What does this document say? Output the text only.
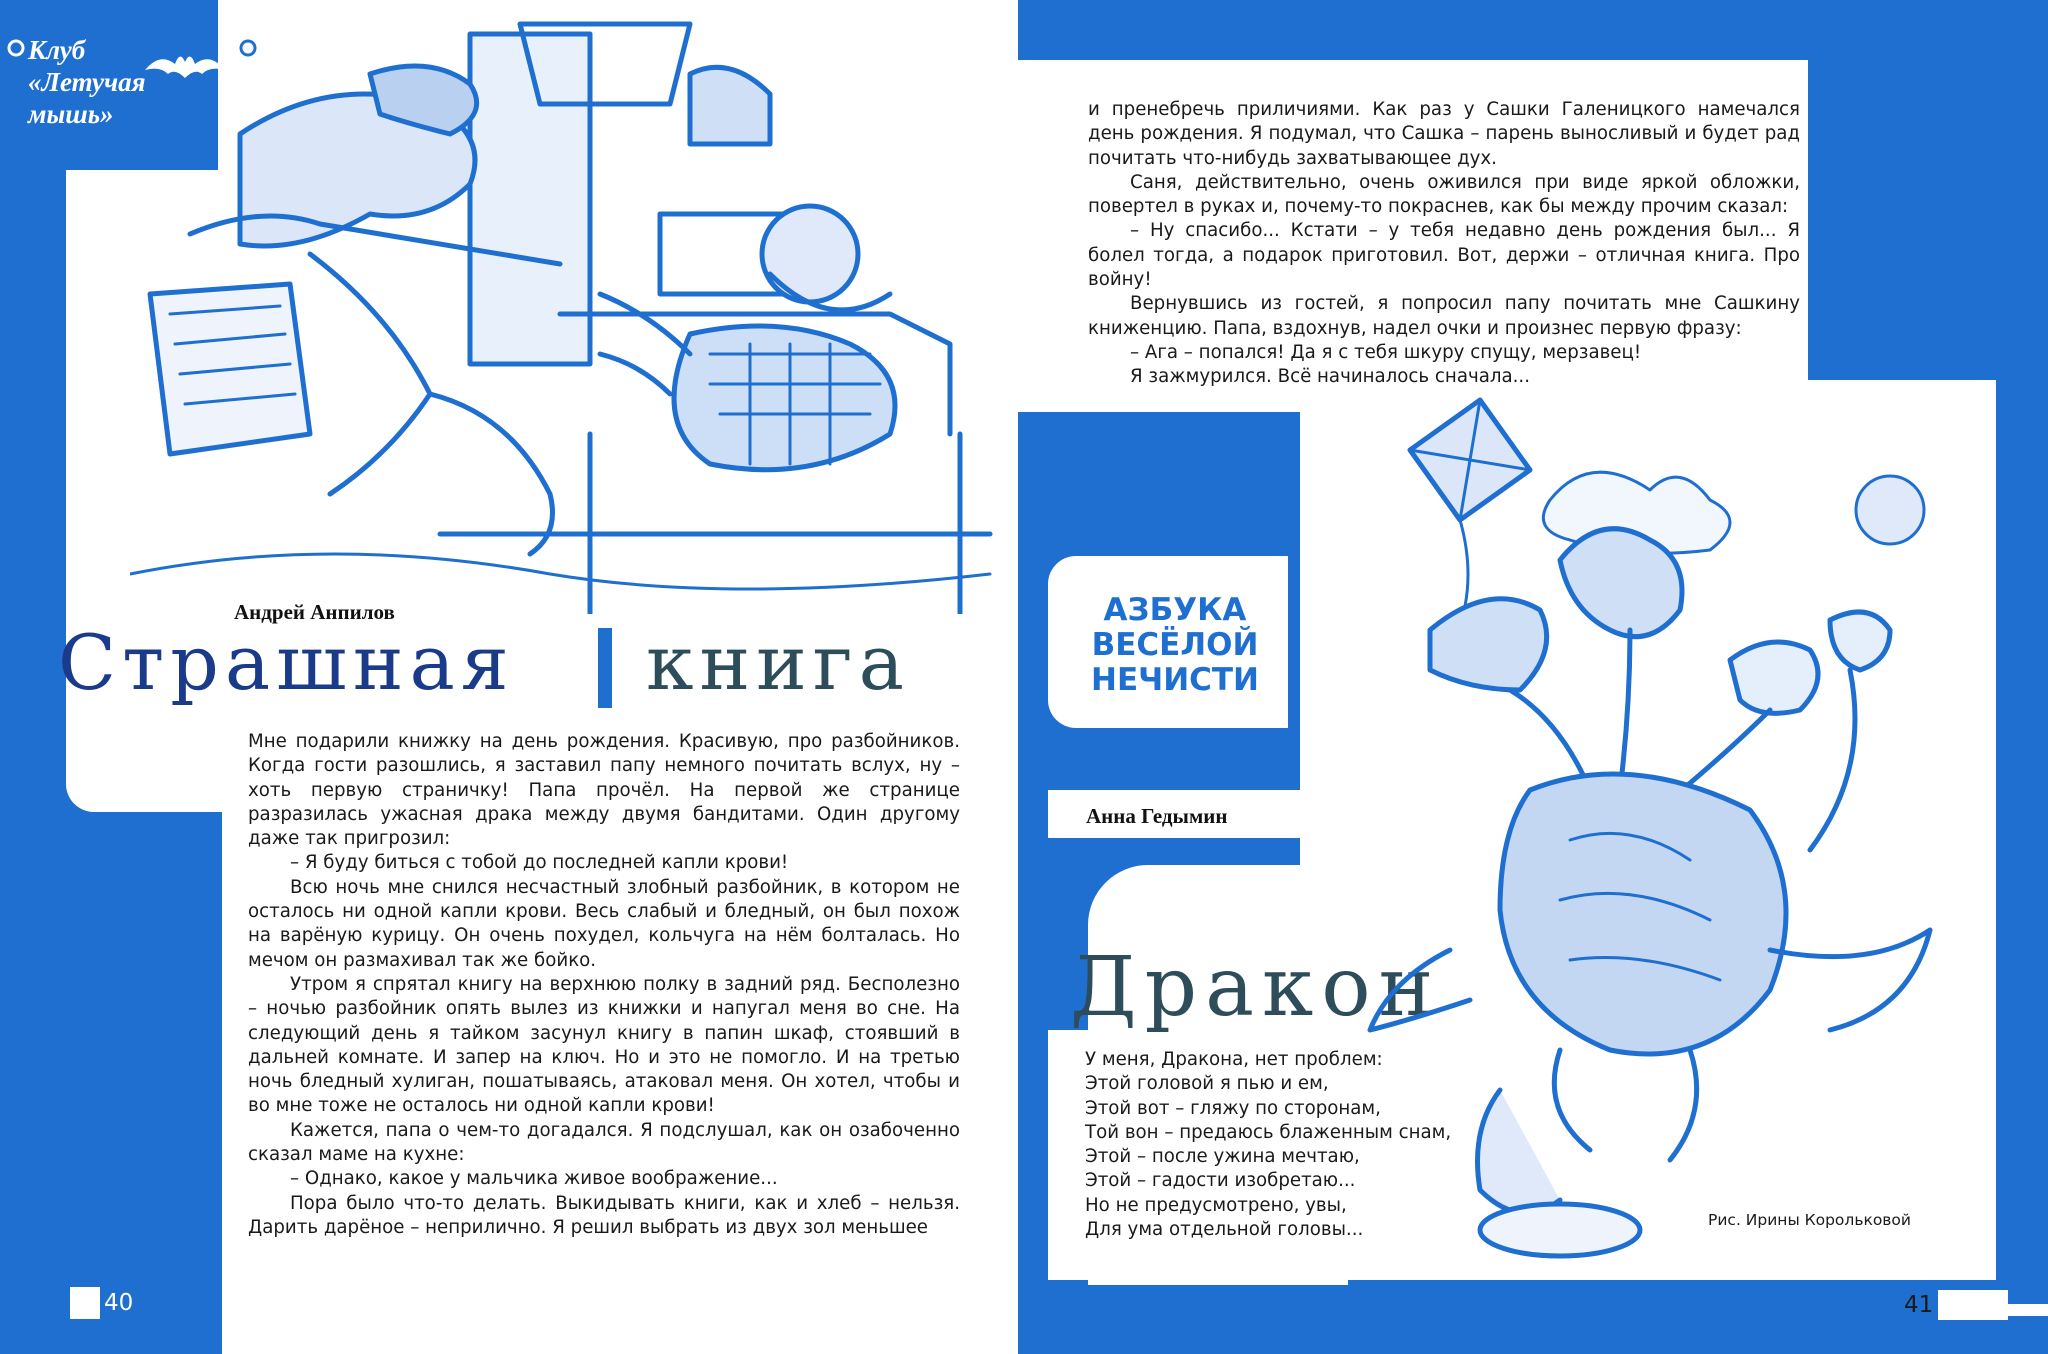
Клуб
«Летучая
мышь»
Андрей Анпилов
Страшная книга

Мне подарили книжку на день рождения. Красивую, про разбойников. Когда гости разошлись, я заставил папу немного почитать вслух, ну – хоть первую страничку! Папа прочёл. На первой же странице разразилась ужасная драка между двумя бандитами. Один другому даже так пригрозил:

– Я буду биться с тобой до последней капли крови!

Всю ночь мне снился несчастный злобный разбойник, в котором не осталось ни одной капли крови. Весь слабый и бледный, он был похож на варёную курицу. Он очень похудел, кольчуга на нём болталась. Но мечом он размахивал так же бойко.

Утром я спрятал книгу на верхнюю полку в задний ряд. Бесполезно – ночью разбойник опять вылез из книжки и напугал меня во сне. На следующий день я тайком засунул книгу в папин шкаф, стоявший в дальней комнате. И запер на ключ. Но и это не помогло. И на третью ночь бледный хулиган, пошатываясь, атаковал меня. Он хотел, чтобы и во мне тоже не осталось ни одной капли крови!

Кажется, папа о чем-то догадался. Я подслушал, как он озабоченно сказал маме на кухне:

– Однако, какое у мальчика живое воображение...

Пора было что-то делать. Выкидывать книги, как и хлеб – нельзя. Дарить дарёное – неприлично. Я решил выбрать из двух зол меньшее

40

и пренебречь приличиями. Как раз у Сашки Галеницкого намечался день рождения. Я подумал, что Сашка – парень выносливый и будет рад почитать что-нибудь захватывающее дух.

Саня, действительно, очень оживился при виде яркой обложки, повертел в руках и, почему-то покраснев, как бы между прочим сказал:

– Ну спасибо... Кстати – у тебя недавно день рождения был... Я болел тогда, а подарок приготовил. Вот, держи – отличная книга. Про войну!

Вернувшись из гостей, я попросил папу почитать мне Сашкину книженцию. Папа, вздохнув, надел очки и произнес первую фразу:

– Ага – попался! Да я с тебя шкуру спущу, мерзавец!

Я зажмурился. Всё начиналось сначала...

АЗБУКА
ВЕСЁЛОЙ
НЕЧИСТИ
Анна Гедымин
Дракон
У меня, Дракона, нет проблем:
Этой головой я пью и ем,
Этой вот – гляжу по сторонам,
Той вон – предаюсь блаженным снам,
Этой – после ужина мечтаю,
Этой – гадости изобретаю...
Но не предусмотрено, увы,
Для ума отдельной головы...	Рис. Ирины Корольковой
41
